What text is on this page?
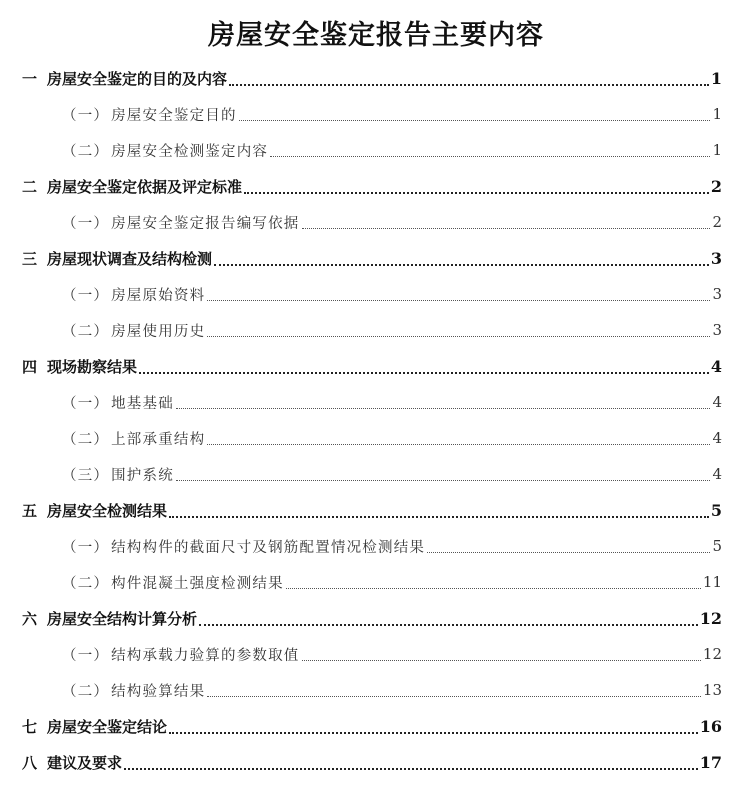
房屋安全鉴定报告主要内容
一 房屋安全鉴定的目的及内容	1
（一） 房屋安全鉴定目的	1
（二） 房屋安全检测鉴定内容	1
二 房屋安全鉴定依据及评定标准	2
（一） 房屋安全鉴定报告编写依据	2
三 房屋现状调查及结构检测	3
（一） 房屋原始资料	3
（二） 房屋使用历史	3
四 现场勘察结果	4
（一） 地基基础	4
（二） 上部承重结构	4
（三） 围护系统	4
五 房屋安全检测结果	5
（一） 结构构件的截面尺寸及钢筋配置情况检测结果	5
（二） 构件混凝土强度检测结果	11
六 房屋安全结构计算分析	12
（一） 结构承载力验算的参数取值	12
（二） 结构验算结果	13
七 房屋安全鉴定结论	16
八 建议及要求	17
